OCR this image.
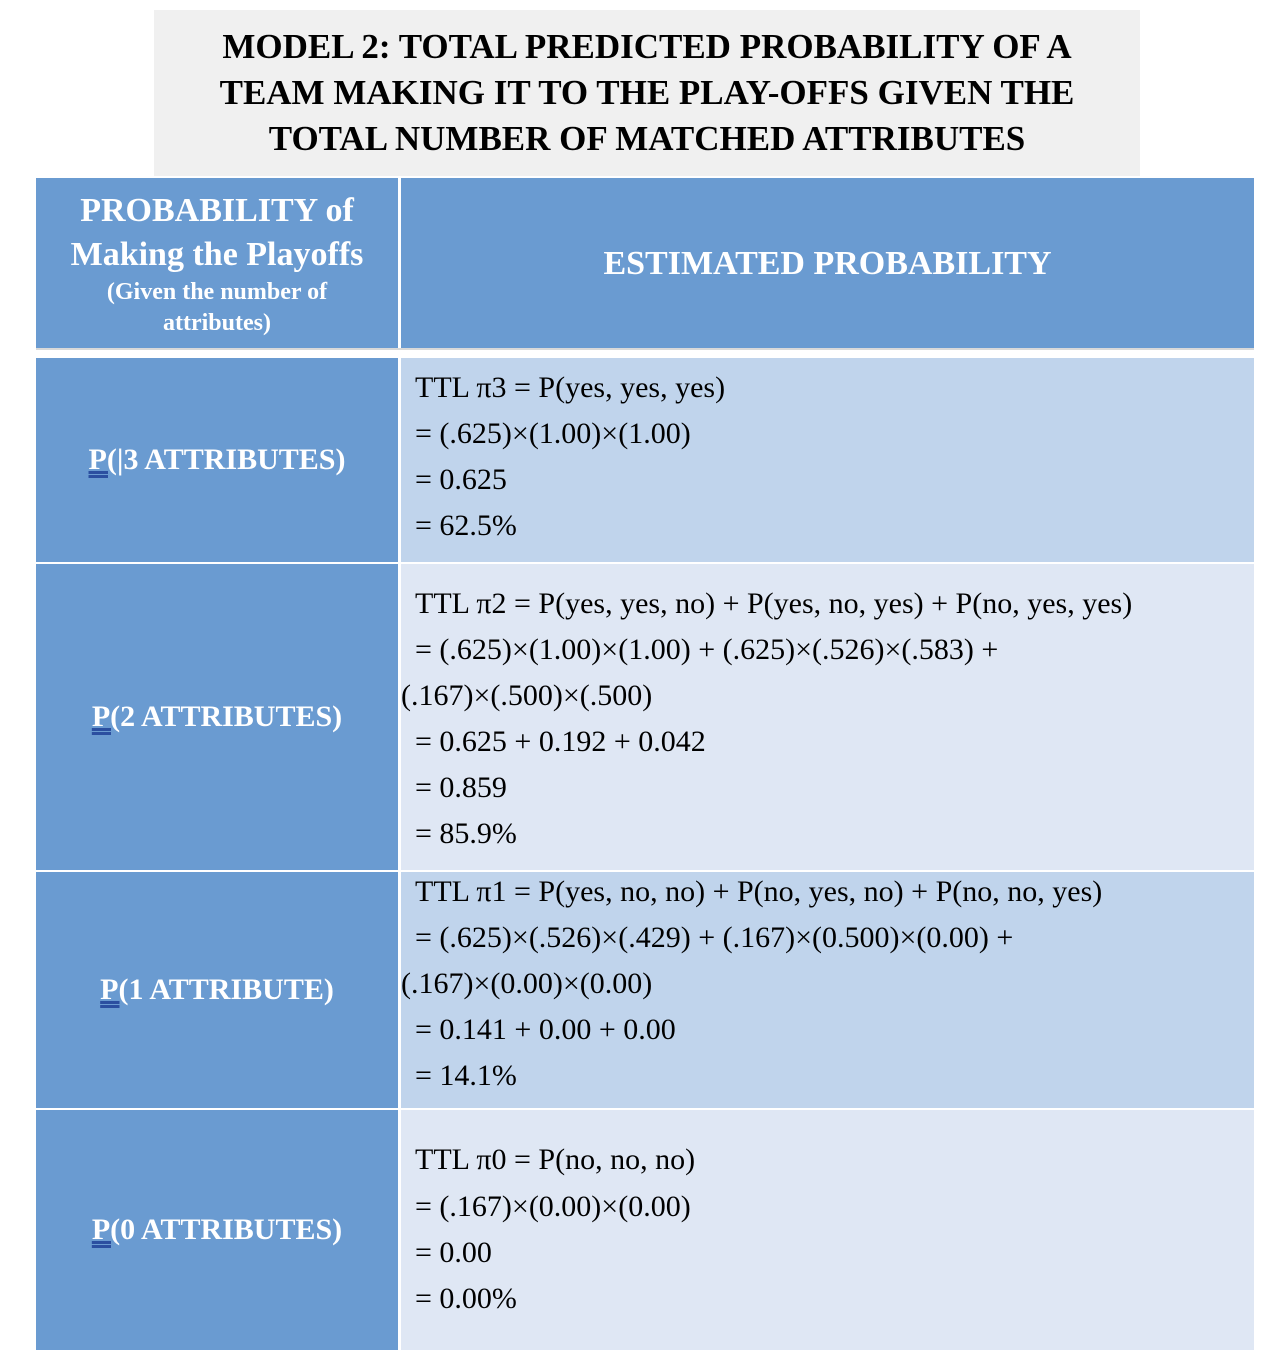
MODEL 2: TOTAL PREDICTED PROBABILITY OF A
TEAM MAKING IT TO THE PLAY-OFFS GIVEN THE
TOTAL NUMBER OF MATCHED ATTRIBUTES
PROBABILITY of
Making the Playoffs
(Given the number of
attributes)
ESTIMATED PROBABILITY
P( |3 ATTRIBUTES)
TTL π3 = P(yes, yes, yes)
= (.625)×(1.00)×(1.00)
= 0.625
= 62.5%
P( 2 ATTRIBUTES)
TTL π2 = P(yes, yes, no) + P(yes, no, yes) + P(no, yes, yes)
= (.625)×(1.00)×(1.00) + (.625)×(.526)×(.583) +
(.167)×(.500)×(.500)
= 0.625 + 0.192 + 0.042
= 0.859
= 85.9%
P( 1 ATTRIBUTE)
TTL π1 = P(yes, no, no) + P(no, yes, no) + P(no, no, yes)
= (.625)×(.526)×(.429) + (.167)×(0.500)×(0.00) +
(.167)×(0.00)×(0.00)
= 0.141 + 0.00 + 0.00
= 14.1%
P( 0 ATTRIBUTES)
TTL π0 = P(no, no, no)
= (.167)×(0.00)×(0.00)
= 0.00
= 0.00%
